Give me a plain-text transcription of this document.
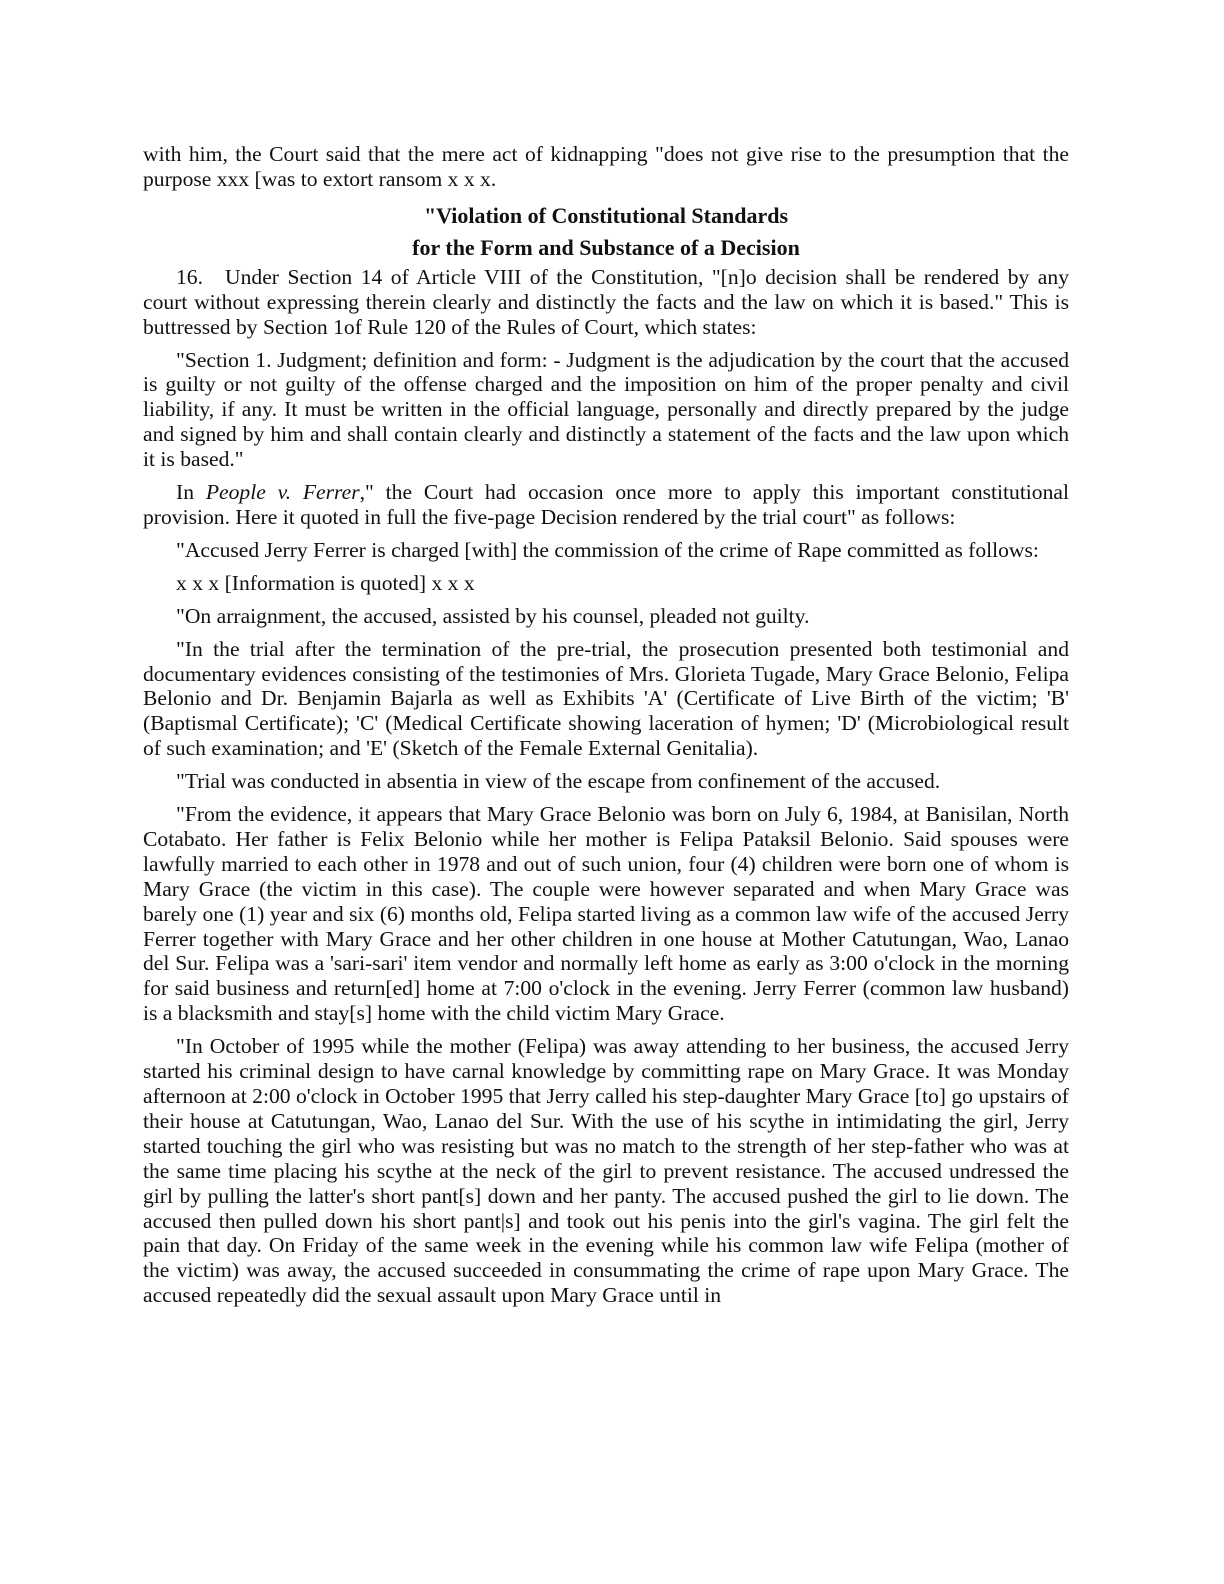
with him, the Court said that the mere act of kidnapping "does not give rise to the presumption that the purpose xxx [was to extort ransom x x x.

"Violation of Constitutional Standards

for the Form and Substance of a Decision

16. Under Section 14 of Article VIII of the Constitution, "[n]o decision shall be rendered by any court without expressing therein clearly and distinctly the facts and the law on which it is based." This is buttressed by Section 1of Rule 120 of the Rules of Court, which states:

"Section 1. Judgment; definition and form: - Judgment is the adjudication by the court that the accused is guilty or not guilty of the offense charged and the imposition on him of the proper penalty and civil liability, if any. It must be written in the official language, personally and directly prepared by the judge and signed by him and shall contain clearly and distinctly a statement of the facts and the law upon which it is based."

In People v. Ferrer," the Court had occasion once more to apply this important constitutional provision. Here it quoted in full the five-page Decision rendered by the trial court" as follows:

"Accused Jerry Ferrer is charged [with] the commission of the crime of Rape committed as follows:

x x x [Information is quoted] x x x

"On arraignment, the accused, assisted by his counsel, pleaded not guilty.

"In the trial after the termination of the pre-trial, the prosecution presented both testimonial and documentary evidences consisting of the testimonies of Mrs. Glorieta Tugade, Mary Grace Belonio, Felipa Belonio and Dr. Benjamin Bajarla as well as Exhibits 'A' (Certificate of Live Birth of the victim; 'B' (Baptismal Certificate); 'C' (Medical Certificate showing laceration of hymen; 'D' (Microbiological result of such examination; and 'E' (Sketch of the Female External Genitalia).

"Trial was conducted in absentia in view of the escape from confinement of the accused.

"From the evidence, it appears that Mary Grace Belonio was born on July 6, 1984, at Banisilan, North Cotabato. Her father is Felix Belonio while her mother is Felipa Pataksil Belonio. Said spouses were lawfully married to each other in 1978 and out of such union, four (4) children were born one of whom is Mary Grace (the victim in this case). The couple were however separated and when Mary Grace was barely one (1) year and six (6) months old, Felipa started living as a common law wife of the accused Jerry Ferrer together with Mary Grace and her other children in one house at Mother Catutungan, Wao, Lanao del Sur. Felipa was a 'sari-sari' item vendor and normally left home as early as 3:00 o'clock in the morning for said business and return[ed] home at 7:00 o'clock in the evening. Jerry Ferrer (common law husband) is a blacksmith and stay[s] home with the child victim Mary Grace.

"In October of 1995 while the mother (Felipa) was away attending to her business, the accused Jerry started his criminal design to have carnal knowledge by committing rape on Mary Grace. It was Monday afternoon at 2:00 o'clock in October 1995 that Jerry called his step-daughter Mary Grace [to] go upstairs of their house at Catutungan, Wao, Lanao del Sur. With the use of his scythe in intimidating the girl, Jerry started touching the girl who was resisting but was no match to the strength of her step-father who was at the same time placing his scythe at the neck of the girl to prevent resistance. The accused undressed the girl by pulling the latter's short pant[s] down and her panty. The accused pushed the girl to lie down. The accused then pulled down his short pant|s] and took out his penis into the girl's vagina. The girl felt the pain that day. On Friday of the same week in the evening while his common law wife Felipa (mother of the victim) was away, the accused succeeded in consummating the crime of rape upon Mary Grace. The accused repeatedly did the sexual assault upon Mary Grace until in
